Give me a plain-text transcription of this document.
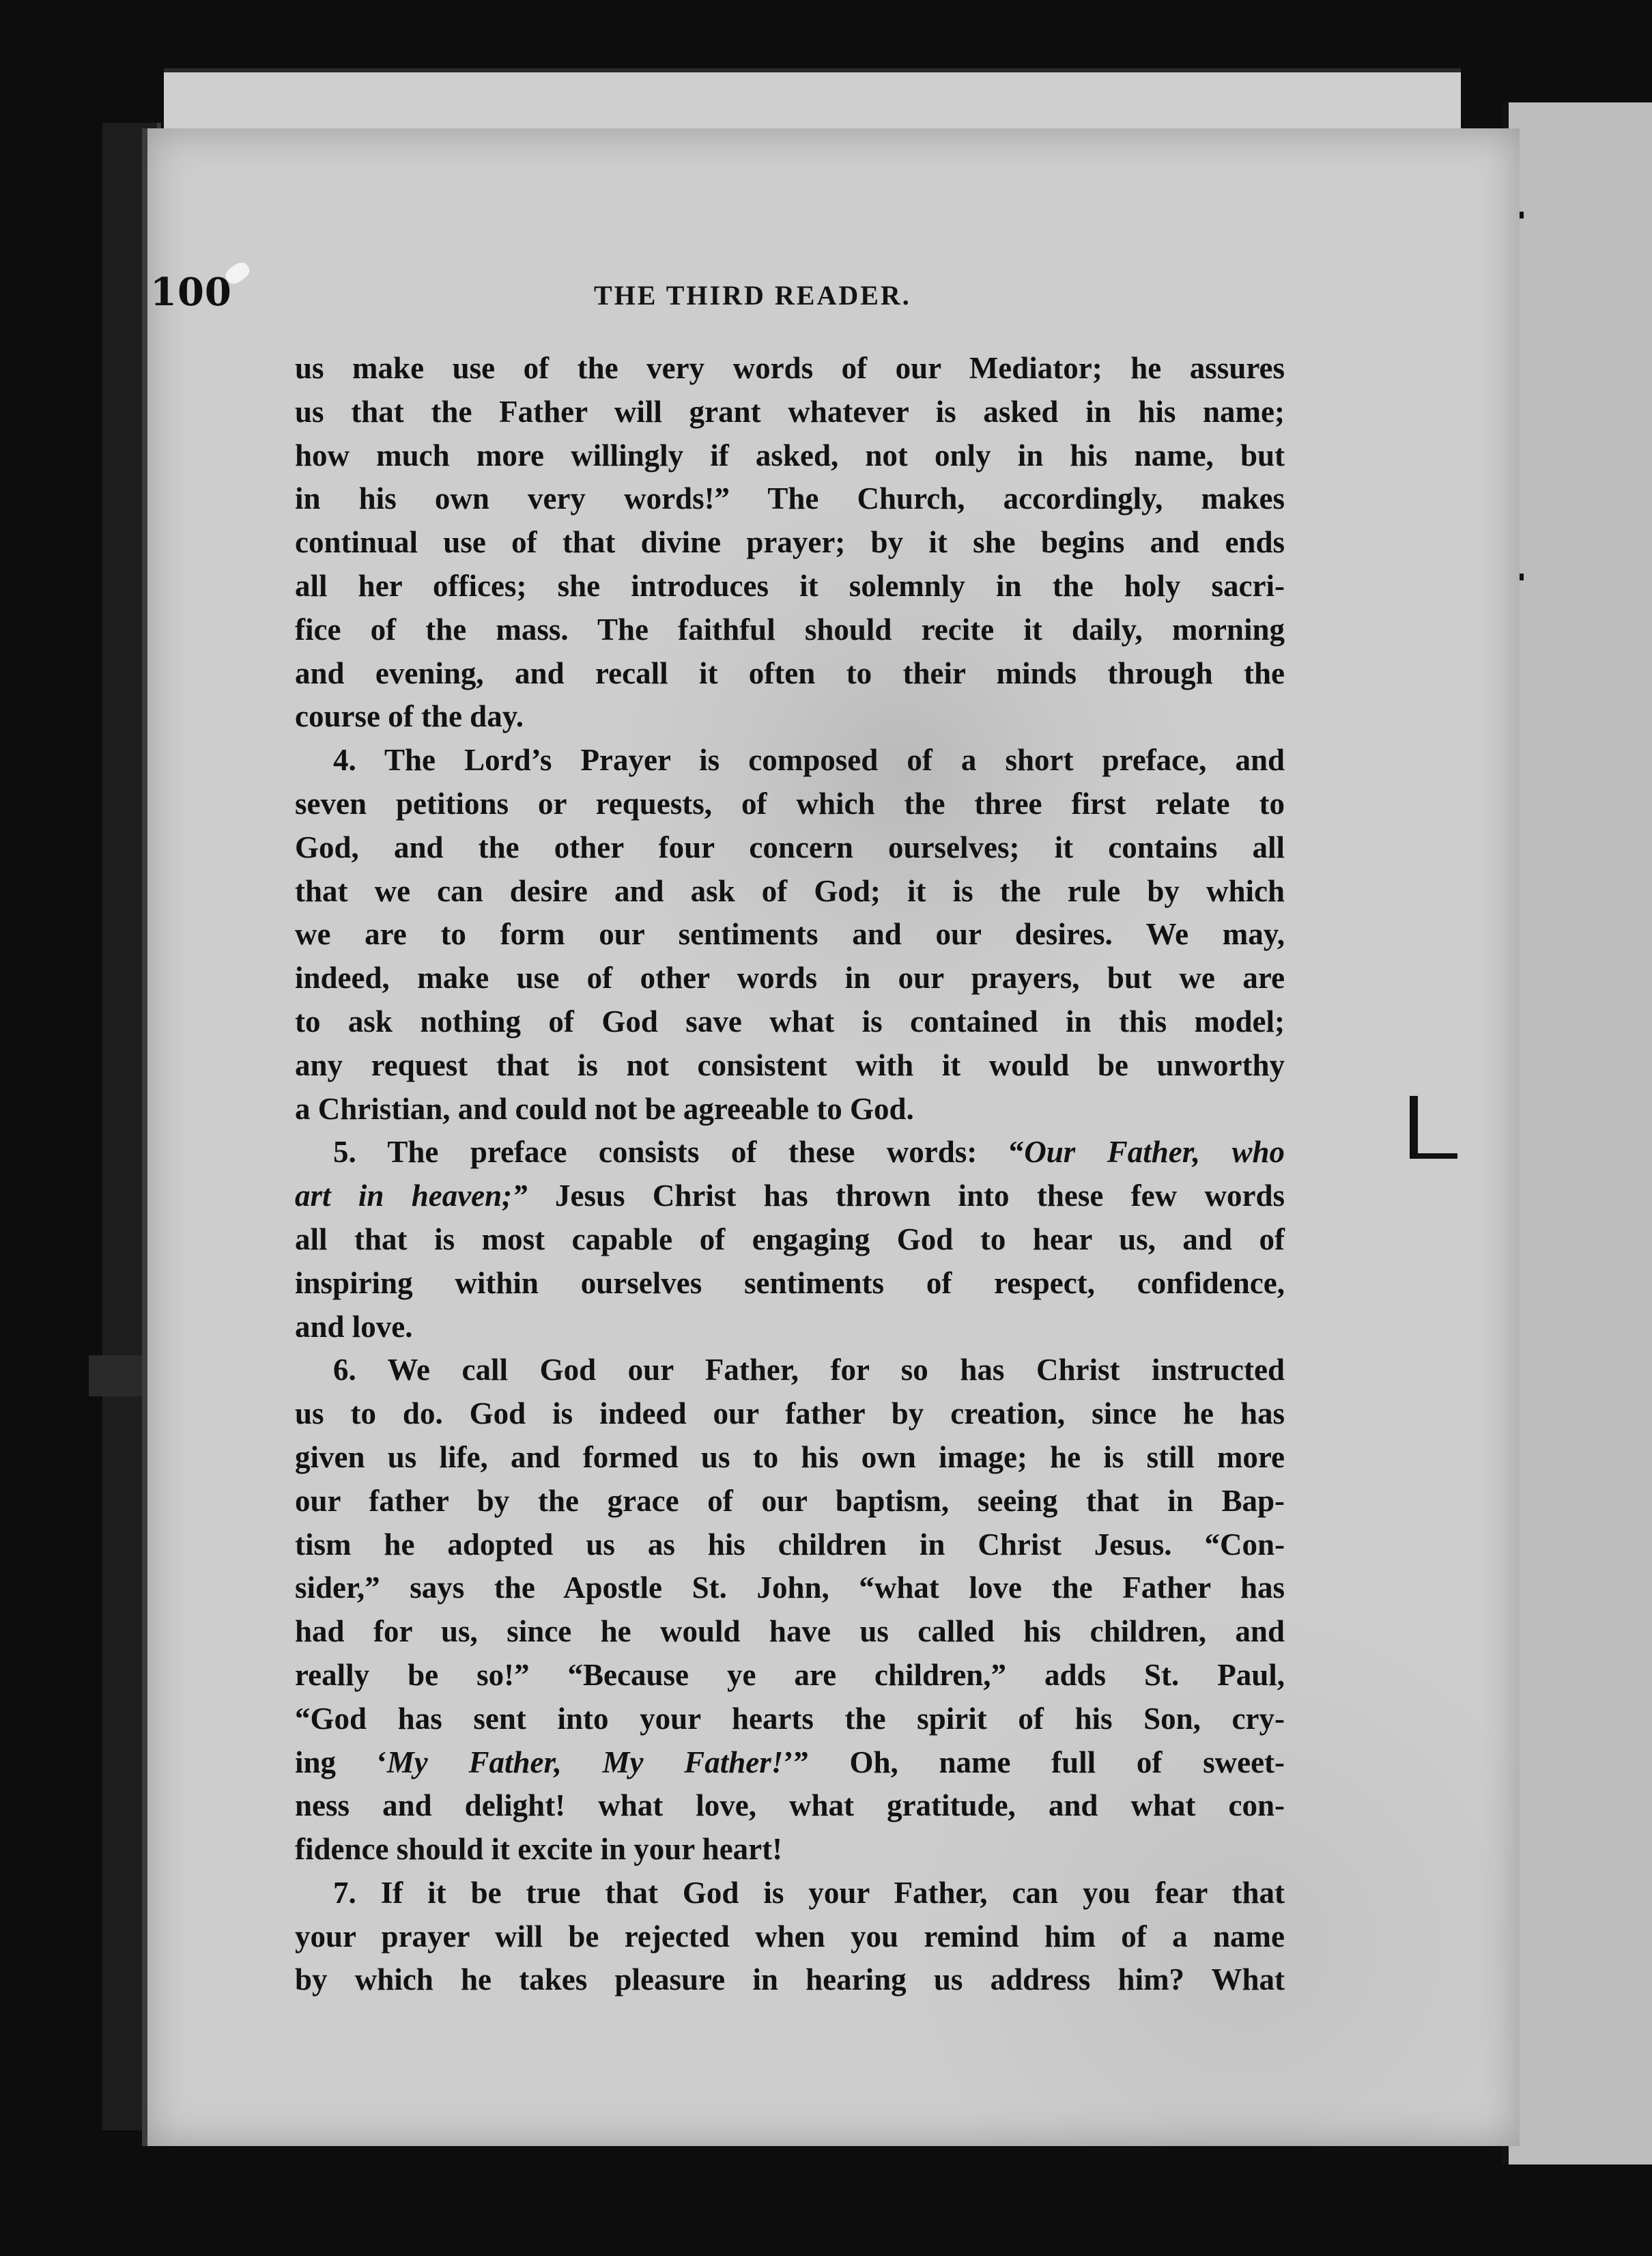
100	THE THIRD READER.
us make use of the very words of our Mediator; he assures
us that the Father will grant whatever is asked in his name;
how much more willingly if asked, not only in his name, but
in his own very words!” The Church, accordingly, makes
continual use of that divine prayer; by it she begins and ends
all her offices; she introduces it solemnly in the holy sacri-
fice of the mass. The faithful should recite it daily, morning
and evening, and recall it often to their minds through the
course of the day.
4. The Lord’s Prayer is composed of a short preface, and
seven petitions or requests, of which the three first relate to
God, and the other four concern ourselves; it contains all
that we can desire and ask of God; it is the rule by which
we are to form our sentiments and our desires. We may,
indeed, make use of other words in our prayers, but we are
to ask nothing of God save what is contained in this model;
any request that is not consistent with it would be unworthy
a Christian, and could not be agreeable to God.
5. The preface consists of these words: “Our Father, who
art in heaven;” Jesus Christ has thrown into these few words
all that is most capable of engaging God to hear us, and of
inspiring within ourselves sentiments of respect, confidence,
and love.
6. We call God our Father, for so has Christ instructed
us to do. God is indeed our father by creation, since he has
given us life, and formed us to his own image; he is still more
our father by the grace of our baptism, seeing that in Bap-
tism he adopted us as his children in Christ Jesus. “Con-
sider,” says the Apostle St. John, “what love the Father has
had for us, since he would have us called his children, and
really be so!” “Because ye are children,” adds St. Paul,
“God has sent into your hearts the spirit of his Son, cry-
ing ‘My Father, My Father!’” Oh, name full of sweet-
ness and delight! what love, what gratitude, and what con-
fidence should it excite in your heart!
7. If it be true that God is your Father, can you fear that
your prayer will be rejected when you remind him of a name
by which he takes pleasure in hearing us address him? What
